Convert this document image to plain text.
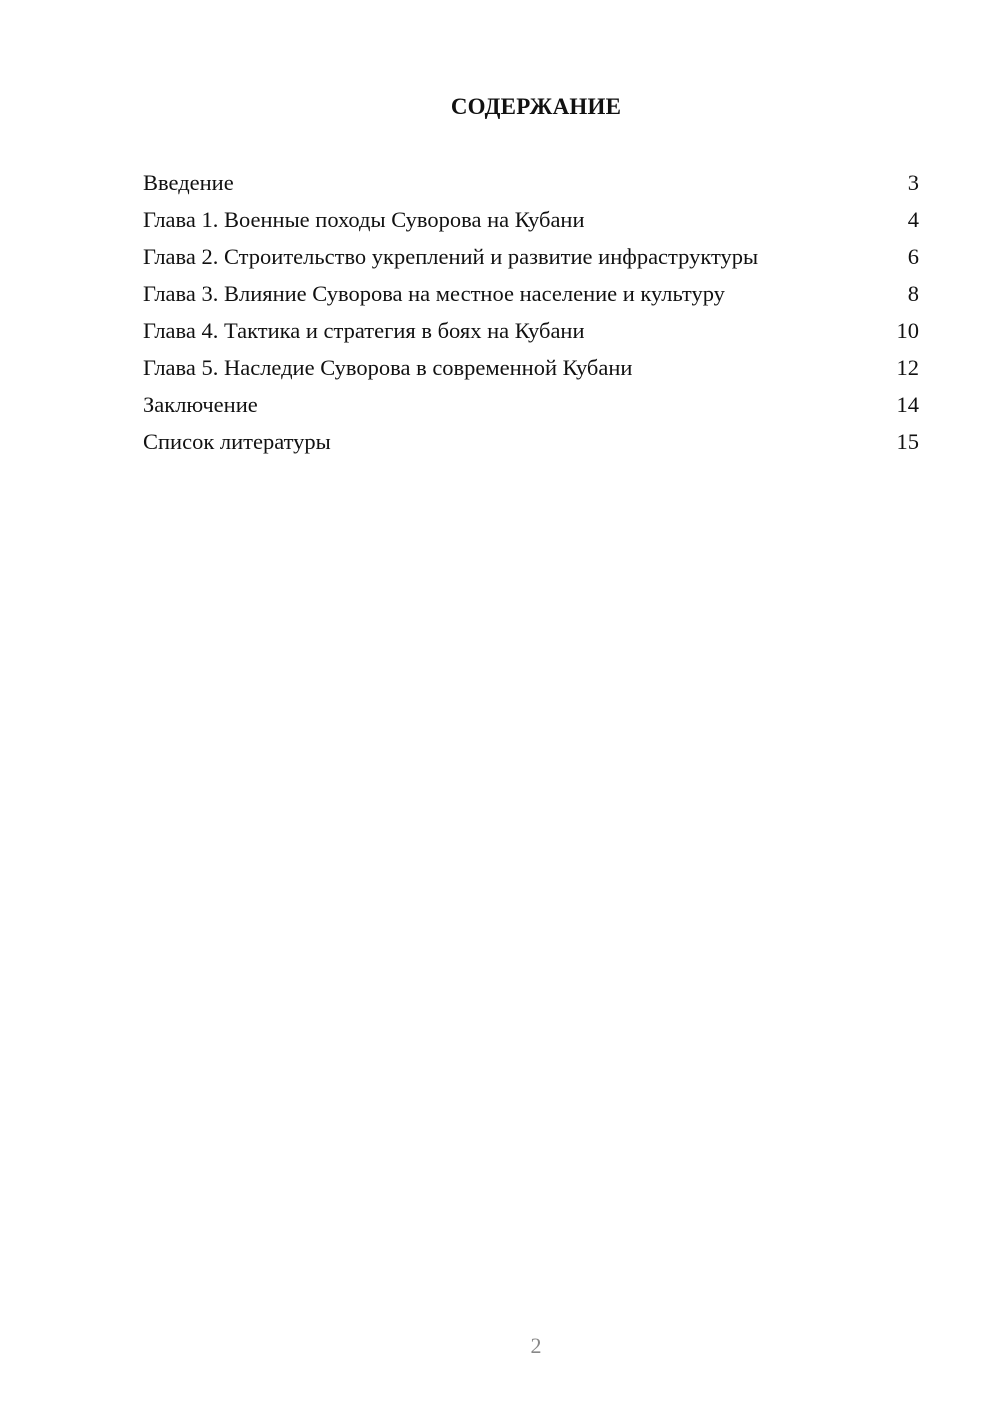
СОДЕРЖАНИЕ
Введение	3
Глава 1. Военные походы Суворова на Кубани	4
Глава 2. Строительство укреплений и развитие инфраструктуры	6
Глава 3. Влияние Суворова на местное население и культуру	8
Глава 4. Тактика и стратегия в боях на Кубани	10
Глава 5. Наследие Суворова в современной Кубани	12
Заключение	14
Список литературы	15
2
